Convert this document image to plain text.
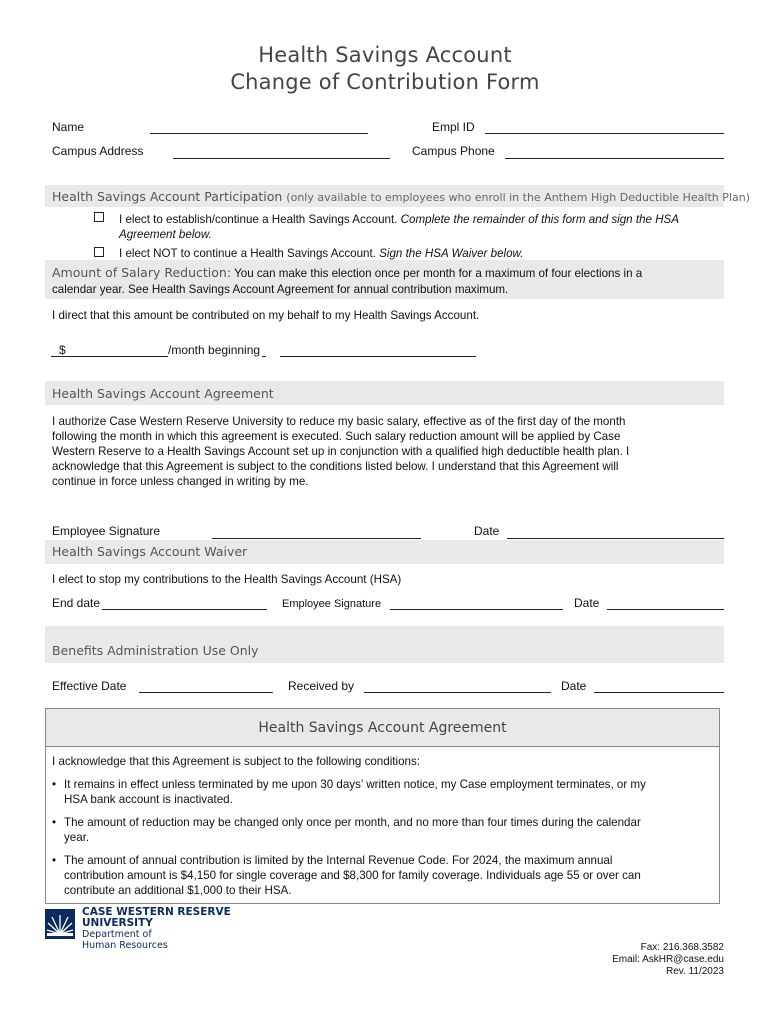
Health Savings Account
Change of Contribution Form
Name	Empl ID
Campus Address	Campus Phone
Health Savings Account Participation (only available to employees who enroll in the Anthem High Deductible Health Plan)
I elect to establish/continue a Health Savings Account. Complete the remainder of this form and sign the HSA Agreement below.
I elect NOT to continue a Health Savings Account. Sign the HSA Waiver below.
Amount of Salary Reduction: You can make this election once per month for a maximum of four elections in a
calendar year. See Health Savings Account Agreement for annual contribution maximum.
I direct that this amount be contributed on my behalf to my Health Savings Account.
$	/month beginning
Health Savings Account Agreement
I authorize Case Western Reserve University to reduce my basic salary, effective as of the first day of the month
following the month in which this agreement is executed. Such salary reduction amount will be applied by Case
Western Reserve to a Health Savings Account set up in conjunction with a qualified high deductible health plan. I
acknowledge that this Agreement is subject to the conditions listed below. I understand that this Agreement will
continue in force unless changed in writing by me.
Employee Signature	Date
Health Savings Account Waiver
I elect to stop my contributions to the Health Savings Account (HSA)
End date	Employee Signature	Date
Benefits Administration Use Only
Effective Date	Received by	Date
Health Savings Account Agreement
I acknowledge that this Agreement is subject to the following conditions:
• It remains in effect unless terminated by me upon 30 days’ written notice, my Case employment terminates, or my
HSA bank account is inactivated.
• The amount of reduction may be changed only once per month, and no more than four times during the calendar
year.
• The amount of annual contribution is limited by the Internal Revenue Code. For 2024, the maximum annual
contribution amount is $4,150 for single coverage and $8,300 for family coverage. Individuals age 55 or over can
contribute an additional $1,000 to their HSA.
CASE WESTERN RESERVE
UNIVERSITY
Department of
Human Resources	Fax: 216.368.3582
Email: AskHR@case.edu
Rev. 11/2023
